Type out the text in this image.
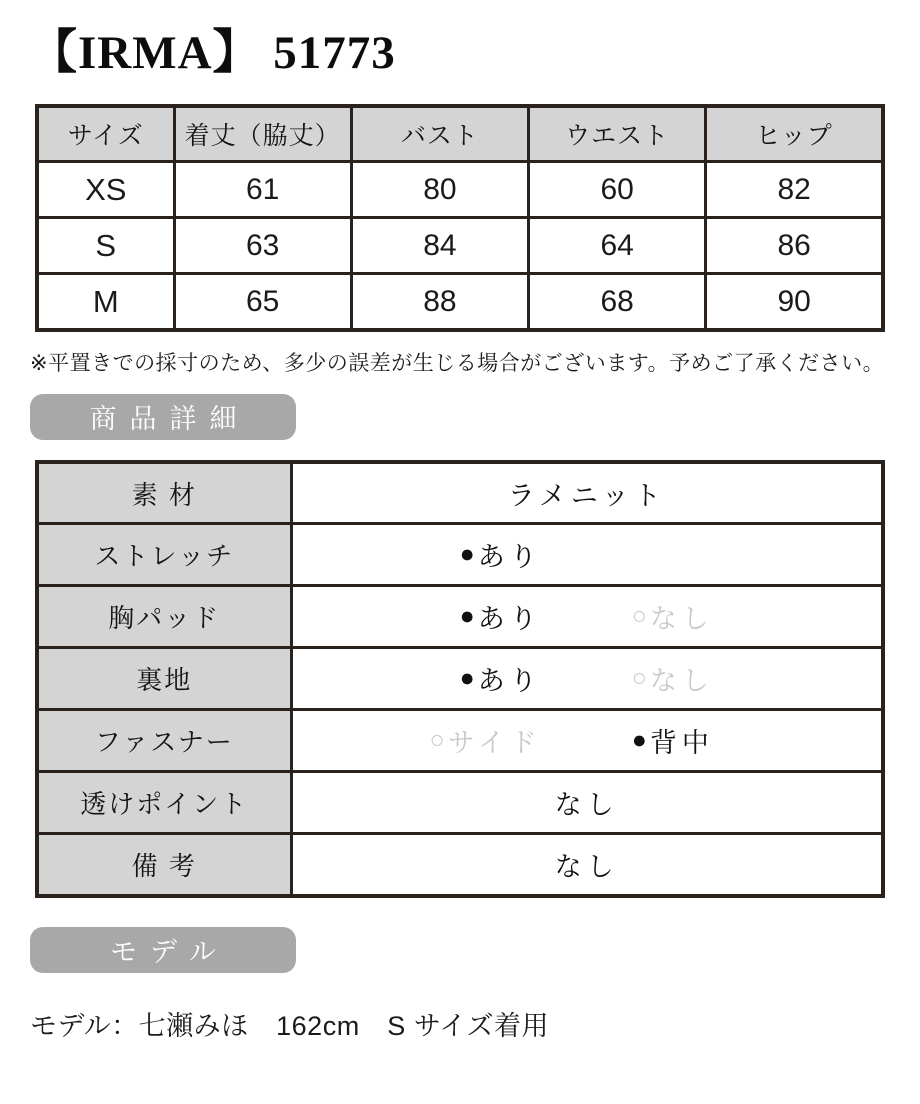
【IRMA】 51773
サイズ	着丈（脇丈）	バスト	ウエスト	ヒップ
XS	61	80	60	82
S	63	84	64	86
M	65	88	68	90

※平置きでの採寸のため、多少の誤差が生じる場合がございます。予めご了承ください。

商品詳細
素 材	ラメニット
ストレッチ	● あり

胸パッド	● あり ○ なし

裏地	● あり ○ なし

ファスナー	○ サイド ● 背中

透けポイント	なし
備 考	なし
モデル

モデル：七瀬みほ　162cm　S サイズ着用
